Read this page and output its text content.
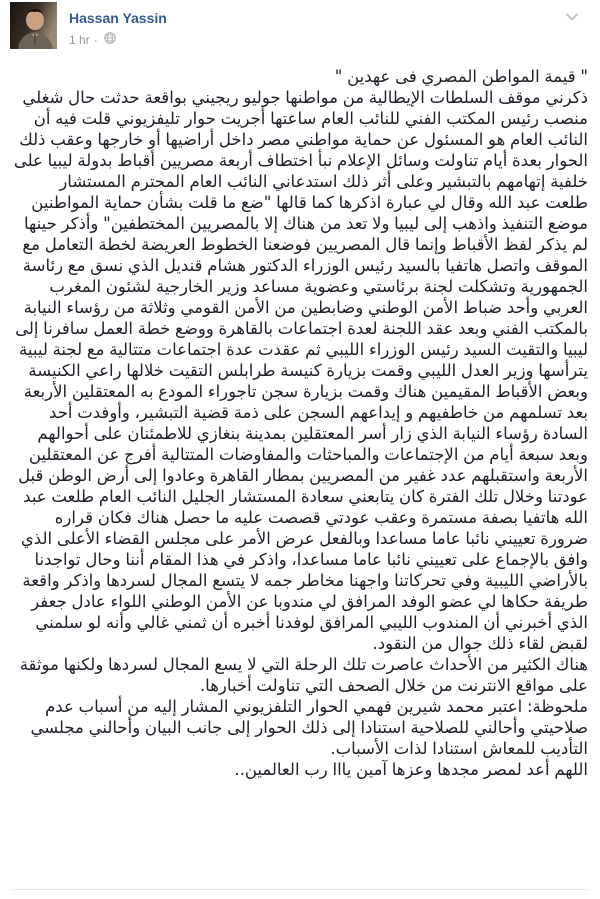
Hassan Yassin
1 hr ·

" قيمة المواطن المصري فى عهدين "

ذكرني موقف السلطات الإيطالية من مواطنها جوليو ريجيني بواقعة حدثت حال شغلي منصب رئيس المكتب الفني للنائب العام ساعتها أجريت حوار تليفزيوني قلت فيه أن النائب العام هو المسئول عن حماية مواطني مصر داخل أراضيها أو خارجها وعقب ذلك الحوار بعدة أيام تناولت وسائل الإعلام نبأ اختطاف أربعة مصريين أقباط بدولة ليبيا على خلفية إتهامهم بالتبشير وعلى أثر ذلك استدعاني النائب العام المحترم المستشار طلعت عبد الله وقال لي عبارة اذكرها كما قالها "ضع ما قلت بشأن حماية المواطنين موضع التنفيذ واذهب إلى ليبيا ولا تعد من هناك إلا بالمصريين المختطفين" وأذكر حينها لم يذكر لفظ الأقباط وإنما قال المصريين فوضعنا الخطوط العريضة لخطة التعامل مع الموقف واتصل هاتفيا بالسيد رئيس الوزراء الدكتور هشام قنديل الذي نسق مع رئاسة الجمهورية وتشكلت لجنة برئاستي وعضوية مساعد وزير الخارجية لشئون المغرب العربي وأحد ضباط الأمن الوطني وضابطين من الأمن القومي وثلاثة من رؤساء النيابة بالمكتب الفني وبعد عقد اللجنة لعدة اجتماعات بالقاهرة ووضع خطة العمل سافرنا إلى ليبيا والتقيت السيد رئيس الوزراء الليبي ثم عقدت عدة اجتماعات متتالية مع لجنة ليبية يترأسها وزير العدل الليبي وقمت بزيارة كنيسة طرابلس التقيت خلالها راعي الكنيسة وبعض الأقباط المقيمين هناك وقمت بزيارة سجن تاجوراء المودع به المعتقلين الأربعة بعد تسلمهم من خاطفيهم و إيداعهم السجن على ذمة قضية التبشير، وأوفدت أحد السادة رؤساء النيابة الذي زار أسر المعتقلين بمدينة بنغازي للاطمئنان على أحوالهم وبعد سبعة أيام من الإجتماعات والمباحثات والمفاوضات المتتالية أفرج عن المعتقلين الأربعة واستقبلهم عدد غفير من المصريين بمطار القاهرة وعادوا إلى أرض الوطن قبل عودتنا وخلال تلك الفترة كان يتابعني سعادة المستشار الجليل النائب العام طلعت عبد الله هاتفيا بصفة مستمرة وعقب عودتي قصصت عليه ما حصل هناك فكان قراره ضرورة تعييني نائبا عاما مساعدا وبالفعل عرض الأمر على مجلس القضاء الأعلى الذي وافق بالإجماع على تعييني نائبا عاما مساعدا، واذكر في هذا المقام أننا وحال تواجدنا بالأراضي الليبية وفي تحركاتنا واجهنا مخاطر جمه لا يتسع المجال لسردها واذكر واقعة طريفة حكاها لي عضو الوفد المرافق لي مندوبا عن الأمن الوطني اللواء عادل جعفر الذي أخبرني أن المندوب الليبي المرافق لوفدنا أخبره أن ثمني غالي وأنه لو سلمني لقبض لقاء ذلك جوال من النقود.

هناك الكثير من الأحداث عاصرت تلك الرحلة التي لا يسع المجال لسردها ولكنها موثقة على مواقع الانترنت من خلال الصحف التي تناولت أخبارها.

ملحوظة: اعتبر محمد شيرين فهمي الحوار التلفزيوني المشار إليه من أسباب عدم صلاحيتي وأحالني للصلاحية استنادا إلى ذلك الحوار إلى جانب البيان وأحالني مجلسي التأديب للمعاش استنادا لذات الأسباب.

اللهم أعد لمصر مجدها وعزها آمين يااا رب العالمين..
